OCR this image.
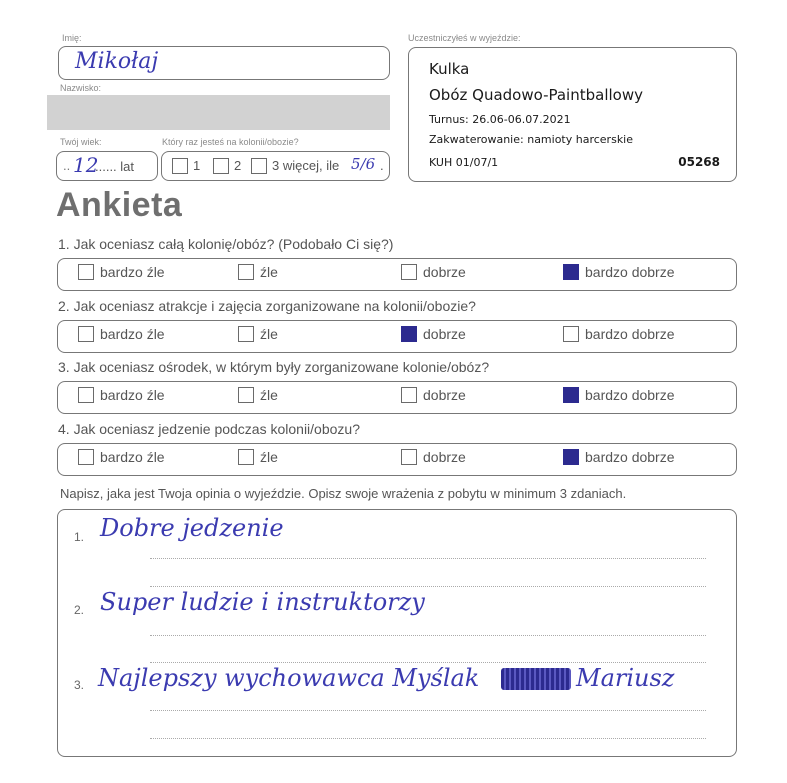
Imię:
Mikołaj
Nazwisko:
Twój wiek:
.. 12
...... lat
Który raz jesteś na kolonii/obozie?
1	2 3 więcej, ile 5/6 .
Uczestniczyłeś w wyjeździe:
Kulka
Obóz Quadowo-Paintballowy
Turnus: 26.06-06.07.2021
Zakwaterowanie: namioty harcerskie
KUH 01/07/1	05268
Ankieta
1. Jak oceniasz całą kolonię/obóz? (Podobało Ci się?)
bardzo źle	źle	dobrze	bardzo dobrze
2. Jak oceniasz atrakcje i zajęcia zorganizowane na kolonii/obozie?
bardzo źle	źle	dobrze	bardzo dobrze
3. Jak oceniasz ośrodek, w którym były zorganizowane kolonie/obóz?
bardzo źle	źle	dobrze	bardzo dobrze
4. Jak oceniasz jedzenie podczas kolonii/obozu?
bardzo źle	źle	dobrze	bardzo dobrze
Napisz, jaka jest Twoja opinia o wyjeździe. Opisz swoje wrażenia z pobytu w minimum 3 zdaniach.
1. Dobre jedzenie
2. Super ludzie i instruktorzy
3. Najlepszy wychowawca Myślak	Mariusz
